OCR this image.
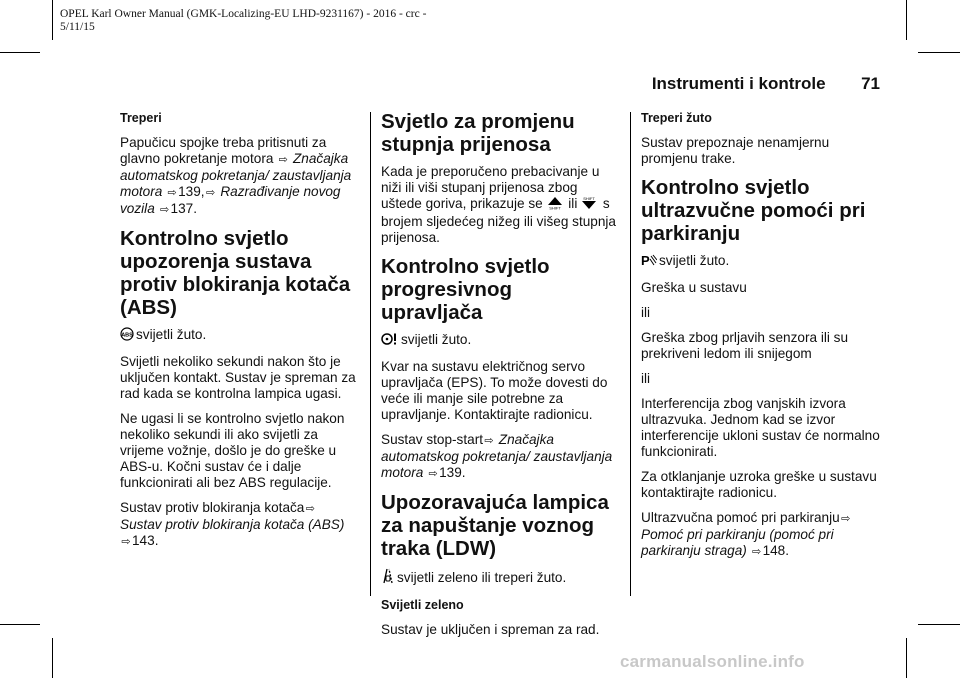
OPEL Karl Owner Manual (GMK-Localizing-EU LHD-9231167) - 2016 - crc -
5/11/15
Instrumenti i kontrole 71

Treperi

Papučicu spojke treba pritisnuti za glavno pokretanje motora ⇨ Značajka automatskog pokretanja/ zaustavljanja motora ⇨139,⇨ Razrađivanje novog vozila ⇨137.

Kontrolno svjetlo upozorenja sustava protiv blokiranja kotača (ABS)

ABS svijetli žuto.

Svijetli nekoliko sekundi nakon što je uključen kontakt. Sustav je spreman za rad kada se kontrolna lampica ugasi.

Ne ugasi li se kontrolno svjetlo nakon nekoliko sekundi ili ako svijetli za vrijeme vožnje, došlo je do greške u ABS-u. Kočni sustav će i dalje funkcionirati ali bez ABS regulacije.

Sustav protiv blokiranja kotača⇨ Sustav protiv blokiranja kotača (ABS) ⇨143.

Svjetlo za promjenu stupnja prijenosa

Kada je preporučeno prebacivanje u niži ili viši stupanj prijenosa zbog uštede goriva, prikazuje se SHIFT ili SHIFT s brojem sljedećeg nižeg ili višeg stupnja prijenosa.

Kontrolno svjetlo progresivnog upravljača

svijetli žuto.

Kvar na sustavu električnog servo upravljača (EPS). To može dovesti do veće ili manje sile potrebne za upravljanje. Kontaktirajte radionicu.

Sustav stop-start⇨ Značajka automatskog pokretanja/ zaustavljanja motora ⇨139.

Upozoravajuća lampica za napuštanje voznog traka (LDW)

svijetli zeleno ili treperi žuto.

Svijetli zeleno

Sustav je uključen i spreman za rad.

Treperi žuto

Sustav prepoznaje nenamjernu promjenu trake.

Kontrolno svjetlo ultrazvučne pomoći pri parkiranju

P svijetli žuto.

Greška u sustavu

ili

Greška zbog prljavih senzora ili su prekriveni ledom ili snijegom

ili

Interferencija zbog vanjskih izvora ultrazvuka. Jednom kad se izvor interferencije ukloni sustav će normalno funkcionirati.

Za otklanjanje uzroka greške u sustavu kontaktirajte radionicu.

Ultrazvučna pomoć pri parkiranju⇨ Pomoć pri parkiranju (pomoć pri parkiranju straga) ⇨148.

carmanualsonline.info
